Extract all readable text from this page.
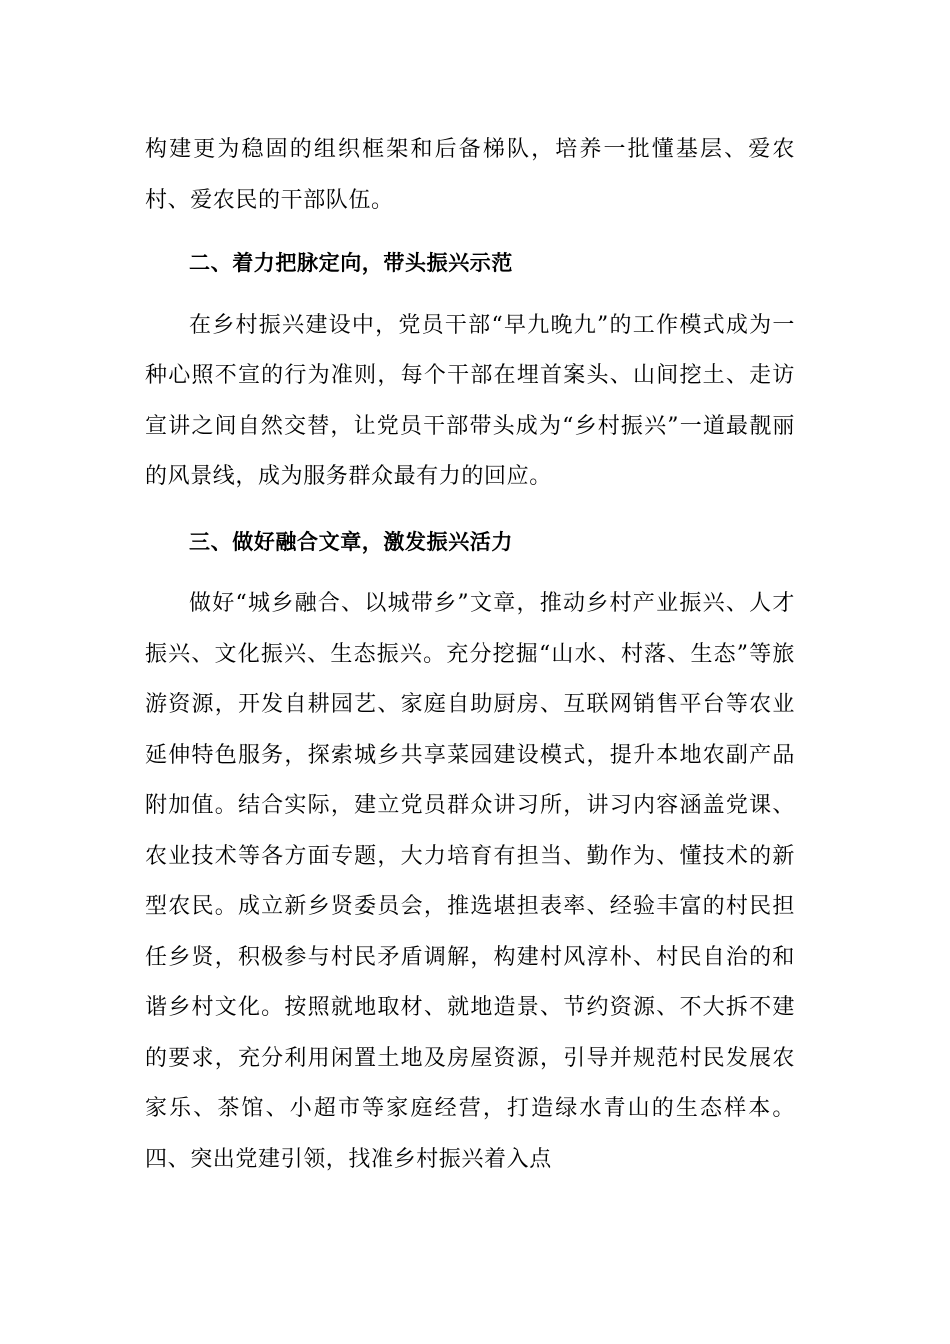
构建更为稳固的组织框架和后备梯队，培养一批懂基层、爱农村、爱农民的干部队伍。

二、着力把脉定向，带头振兴示范

在乡村振兴建设中，党员干部“早九晚九”的工作模式成为一种心照不宣的行为准则，每个干部在埋首案头、山间挖土、走访宣讲之间自然交替，让党员干部带头成为“乡村振兴”一道最靓丽的风景线，成为服务群众最有力的回应。

三、做好融合文章，激发振兴活力

做好“城乡融合、以城带乡”文章，推动乡村产业振兴、人才振兴、文化振兴、生态振兴。充分挖掘“山水、村落、生态”等旅游资源，开发自耕园艺、家庭自助厨房、互联网销售平台等农业延伸特色服务，探索城乡共享菜园建设模式，提升本地农副产品附加值。结合实际，建立党员群众讲习所，讲习内容涵盖党课、农业技术等各方面专题，大力培育有担当、勤作为、懂技术的新型农民。成立新乡贤委员会，推选堪担表率、经验丰富的村民担任乡贤，积极参与村民矛盾调解，构建村风淳朴、村民自治的和谐乡村文化。按照就地取材、就地造景、节约资源、不大拆不建的要求，充分利用闲置土地及房屋资源，引导并规范村民发展农家乐、茶馆、小超市等家庭经营，打造绿水青山的生态样本。四、突出党建引领，找准乡村振兴着入点
